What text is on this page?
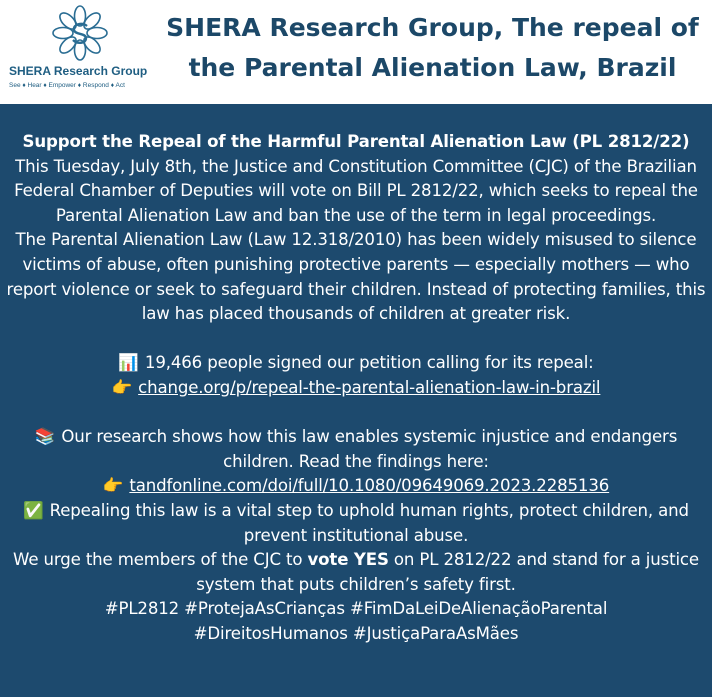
SHERA Research Group
See ♦ Hear ♦ Empower ♦ Respond ♦ Act
SHERA Research Group, The repeal of
the Parental Alienation Law, Brazil

Support the Repeal of the Harmful Parental Alienation Law (PL 2812/22)

This Tuesday, July 8th, the Justice and Constitution Committee (CJC) of the Brazilian Federal Chamber of Deputies will vote on Bill PL 2812/22, which seeks to repeal the Parental Alienation Law and ban the use of the term in legal proceedings.

The Parental Alienation Law (Law 12.318/2010) has been widely misused to silence victims of abuse, often punishing protective parents — especially mothers — who report violence or seek to safeguard their children. Instead of protecting families, this law has placed thousands of children at greater risk.

📊 19,466 people signed our petition calling for its repeal:

👉 change.org/p/repeal-the-parental-alienation-law-in-brazil

📚 Our research shows how this law enables systemic injustice and endangers children. Read the findings here:

👉 tandfonline.com/doi/full/10.1080/09649069.2023.2285136

✅ Repealing this law is a vital step to uphold human rights, protect children, and prevent institutional abuse.

We urge the members of the CJC to vote YES on PL 2812/22 and stand for a justice system that puts children’s safety first.

#PL2812 #ProtejaAsCrianças #FimDaLeiDeAlienaçãoParental

#DireitosHumanos #JustiçaParaAsMães
